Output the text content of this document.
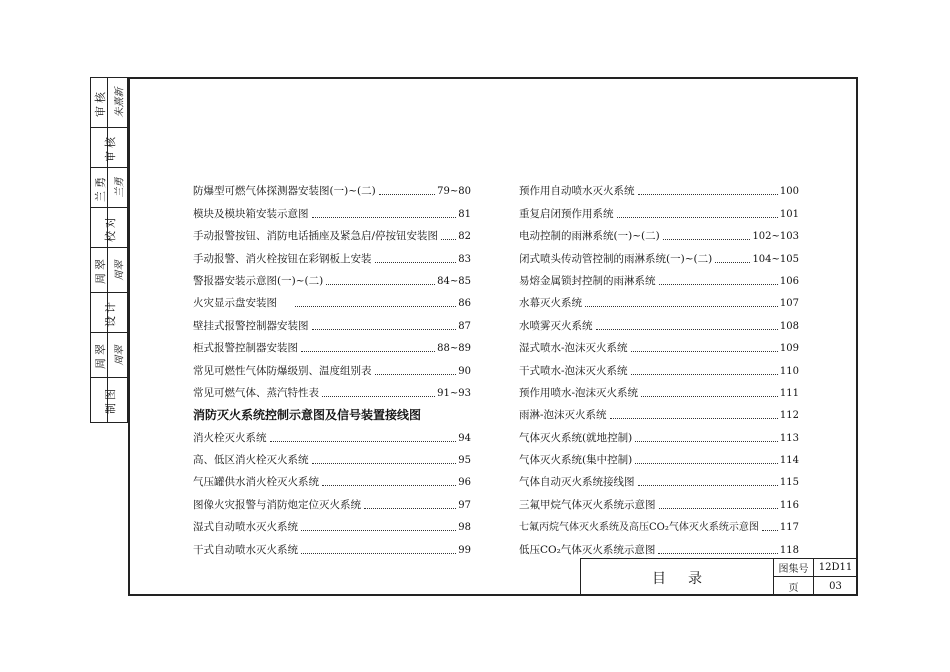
审核 朱熹新
审核
兰勇 兰勇
校对
周翠 周翠
设计
周翠 周翠
制图
防爆型可燃气体探测器安装图(一)~(二)	79~80
模块及模块箱安装示意图	81
手动报警按钮、消防电话插座及紧急启/停按钮安装图 82
手动报警、消火栓按钮在彩钢板上安装	83
警报器安装示意图(一)~(二)	84~85
火灾显示盘安装图	86
壁挂式报警控制器安装图	87
柜式报警控制器安装图	88~89
常见可燃性气体防爆级别、温度组别表	90
常见可燃气体、蒸汽特性表	91~93
消防灭火系统控制示意图及信号装置接线图
消火栓灭火系统	94
高、低区消火栓灭火系统	95
气压罐供水消火栓灭火系统	96
图像火灾报警与消防炮定位灭火系统	97
湿式自动喷水灭火系统	98
干式自动喷水灭火系统	99
预作用自动喷水灭火系统	100
重复启闭预作用系统	101
电动控制的雨淋系统(一)~(二)	102~103
闭式喷头传动管控制的雨淋系统(一)~(二)	104~105
易熔金属锁封控制的雨淋系统	106
水幕灭火系统	107
水喷雾灭火系统	108
湿式喷水-泡沫灭火系统	109
干式喷水-泡沫灭火系统	110
预作用喷水-泡沫灭火系统	111
雨淋-泡沫灭火系统	112
气体灭火系统(就地控制)	113
气体灭火系统(集中控制)	114
气体自动灭火系统接线图	115
三氟甲烷气体灭火系统示意图	116
七氟丙烷气体灭火系统及高压CO₂气体灭火系统示意图 117
低压CO₂气体灭火系统示意图	118
目录
图集号	12D11
页	03
